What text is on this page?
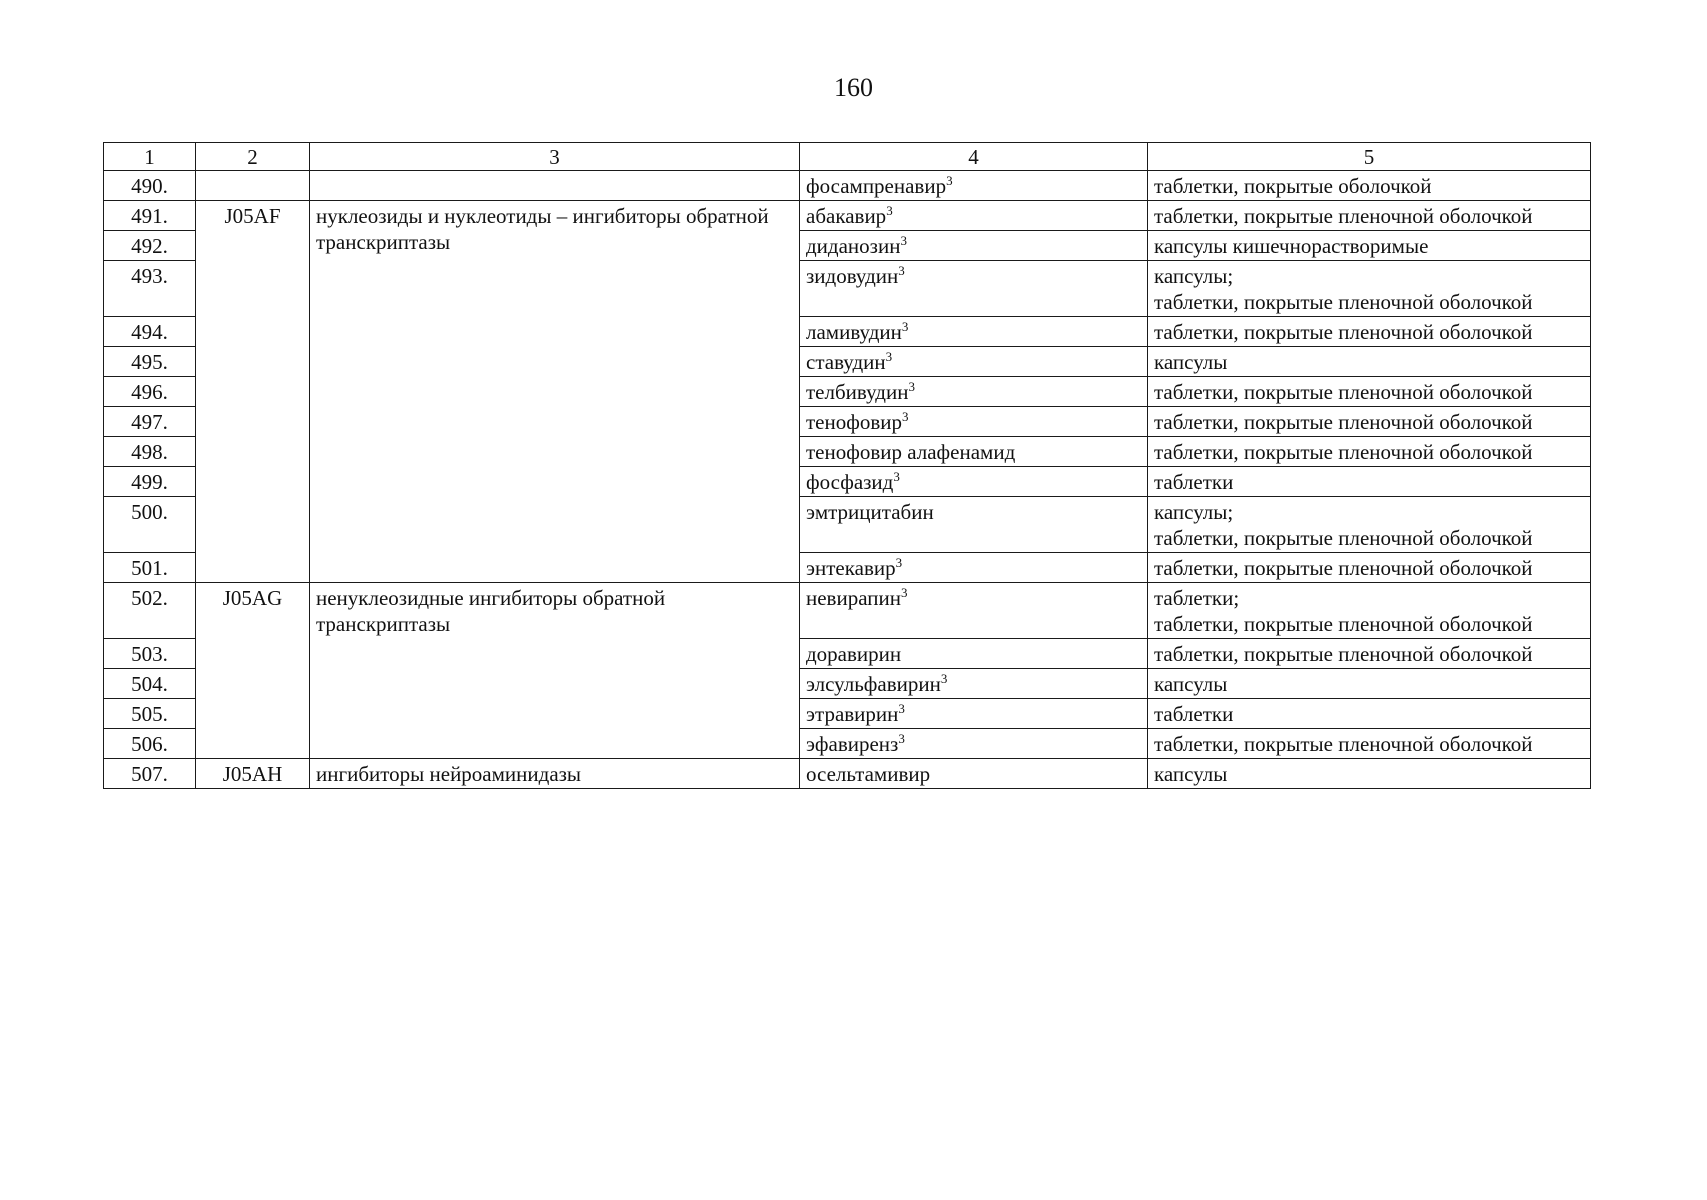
160
1	2	3	4	5
490.			фосампренавир$^3$	таблетки, покрытые оболочкой

491.	J05AF	нуклеозиды и нуклеотиды – ингибиторы обратной транскриптазы	абакавир$^3$	таблетки, покрытые пленочной оболочкой

492.			диданозин$^3$	капсулы кишечнорастворимые

493.			зидовудин$^3$	капсулы;
таблетки, покрытые пленочной оболочкой

494.			ламивудин$^3$	таблетки, покрытые пленочной оболочкой

495.			ставудин$^3$	капсулы

496.			телбивудин$^3$	таблетки, покрытые пленочной оболочкой

497.			тенофовир$^3$	таблетки, покрытые пленочной оболочкой

498.			тенофовир алафенамид	таблетки, покрытые пленочной оболочкой

499.			фосфазид$^3$	таблетки

500.			эмтрицитабин	капсулы;
таблетки, покрытые пленочной оболочкой

501.			энтекавир$^3$	таблетки, покрытые пленочной оболочкой

502.	J05AG	ненуклеозидные ингибиторы обратной транскриптазы	невирапин$^3$	таблетки;
таблетки, покрытые пленочной оболочкой

503.			доравирин	таблетки, покрытые пленочной оболочкой

504.			элсульфавирин$^3$	капсулы

505.			этравирин$^3$	таблетки

506.			эфавиренз$^3$	таблетки, покрытые пленочной оболочкой

507.	J05AH	ингибиторы нейроаминидазы	осельтамивир	капсулы
